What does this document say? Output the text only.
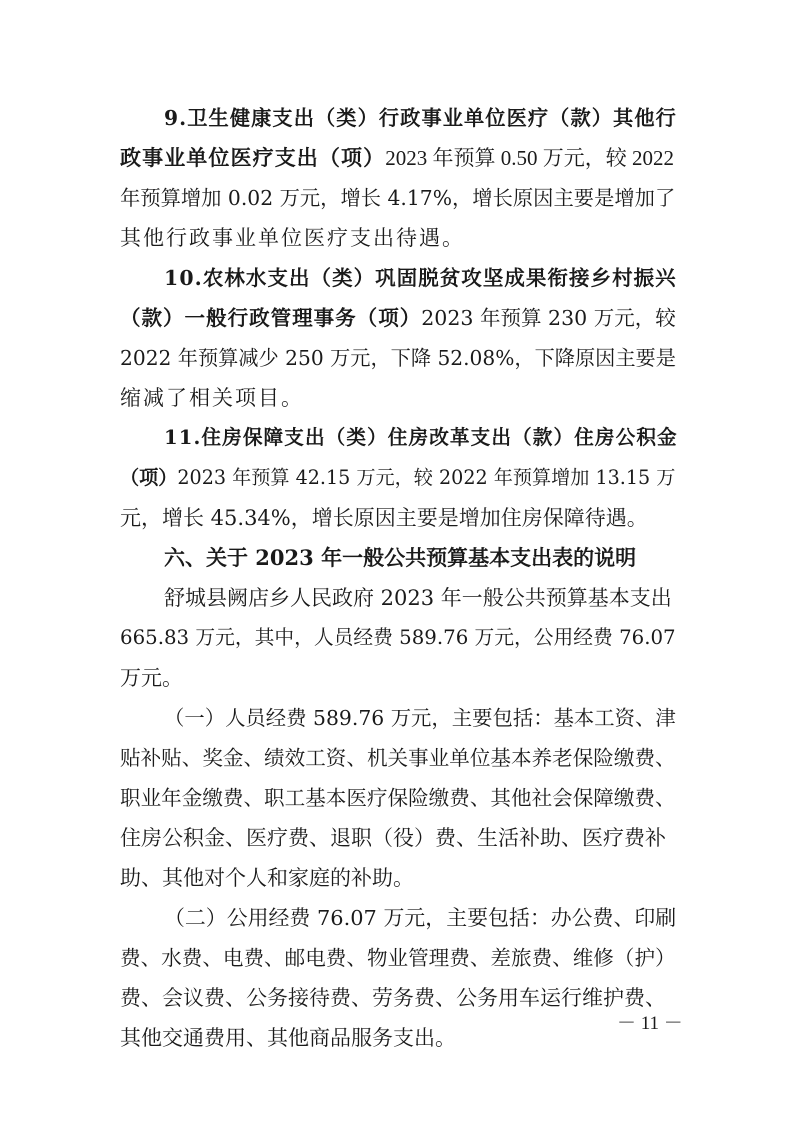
9.卫生健康支出（类）行政事业单位医疗（款）其他行
政事业单位医疗支出（项）2023 年预算 0.50 万元，较 2022
年预算增加 0.02 万元，增长 4.17%，增长原因主要是增加了
其他行政事业单位医疗支出待遇。
10.农林水支出（类）巩固脱贫攻坚成果衔接乡村振兴
（款）一般行政管理事务（项）2023 年预算 230 万元，较
2022 年预算减少 250 万元，下降 52.08%，下降原因主要是
缩减了相关项目。
11.住房保障支出（类）住房改革支出（款）住房公积金
（项）2023 年预算 42.15 万元，较 2022 年预算增加 13.15 万
元，增长 45.34%，增长原因主要是增加住房保障待遇。
六、关于 2023 年一般公共预算基本支出表的说明
舒城县阙店乡人民政府 2023 年一般公共预算基本支出
665.83 万元，其中，人员经费 589.76 万元，公用经费 76.07
万元。
（一）人员经费 589.76 万元，主要包括：基本工资、津
贴补贴、奖金、绩效工资、机关事业单位基本养老保险缴费、
职业年金缴费、职工基本医疗保险缴费、其他社会保障缴费、
住房公积金、医疗费、退职（役）费、生活补助、医疗费补
助、其他对个人和家庭的补助。
（二）公用经费 76.07 万元，主要包括：办公费、印刷
费、水费、电费、邮电费、物业管理费、差旅费、维修（护）
费、会议费、公务接待费、劳务费、公务用车运行维护费、
其他交通费用、其他商品服务支出。
－ 11 －
